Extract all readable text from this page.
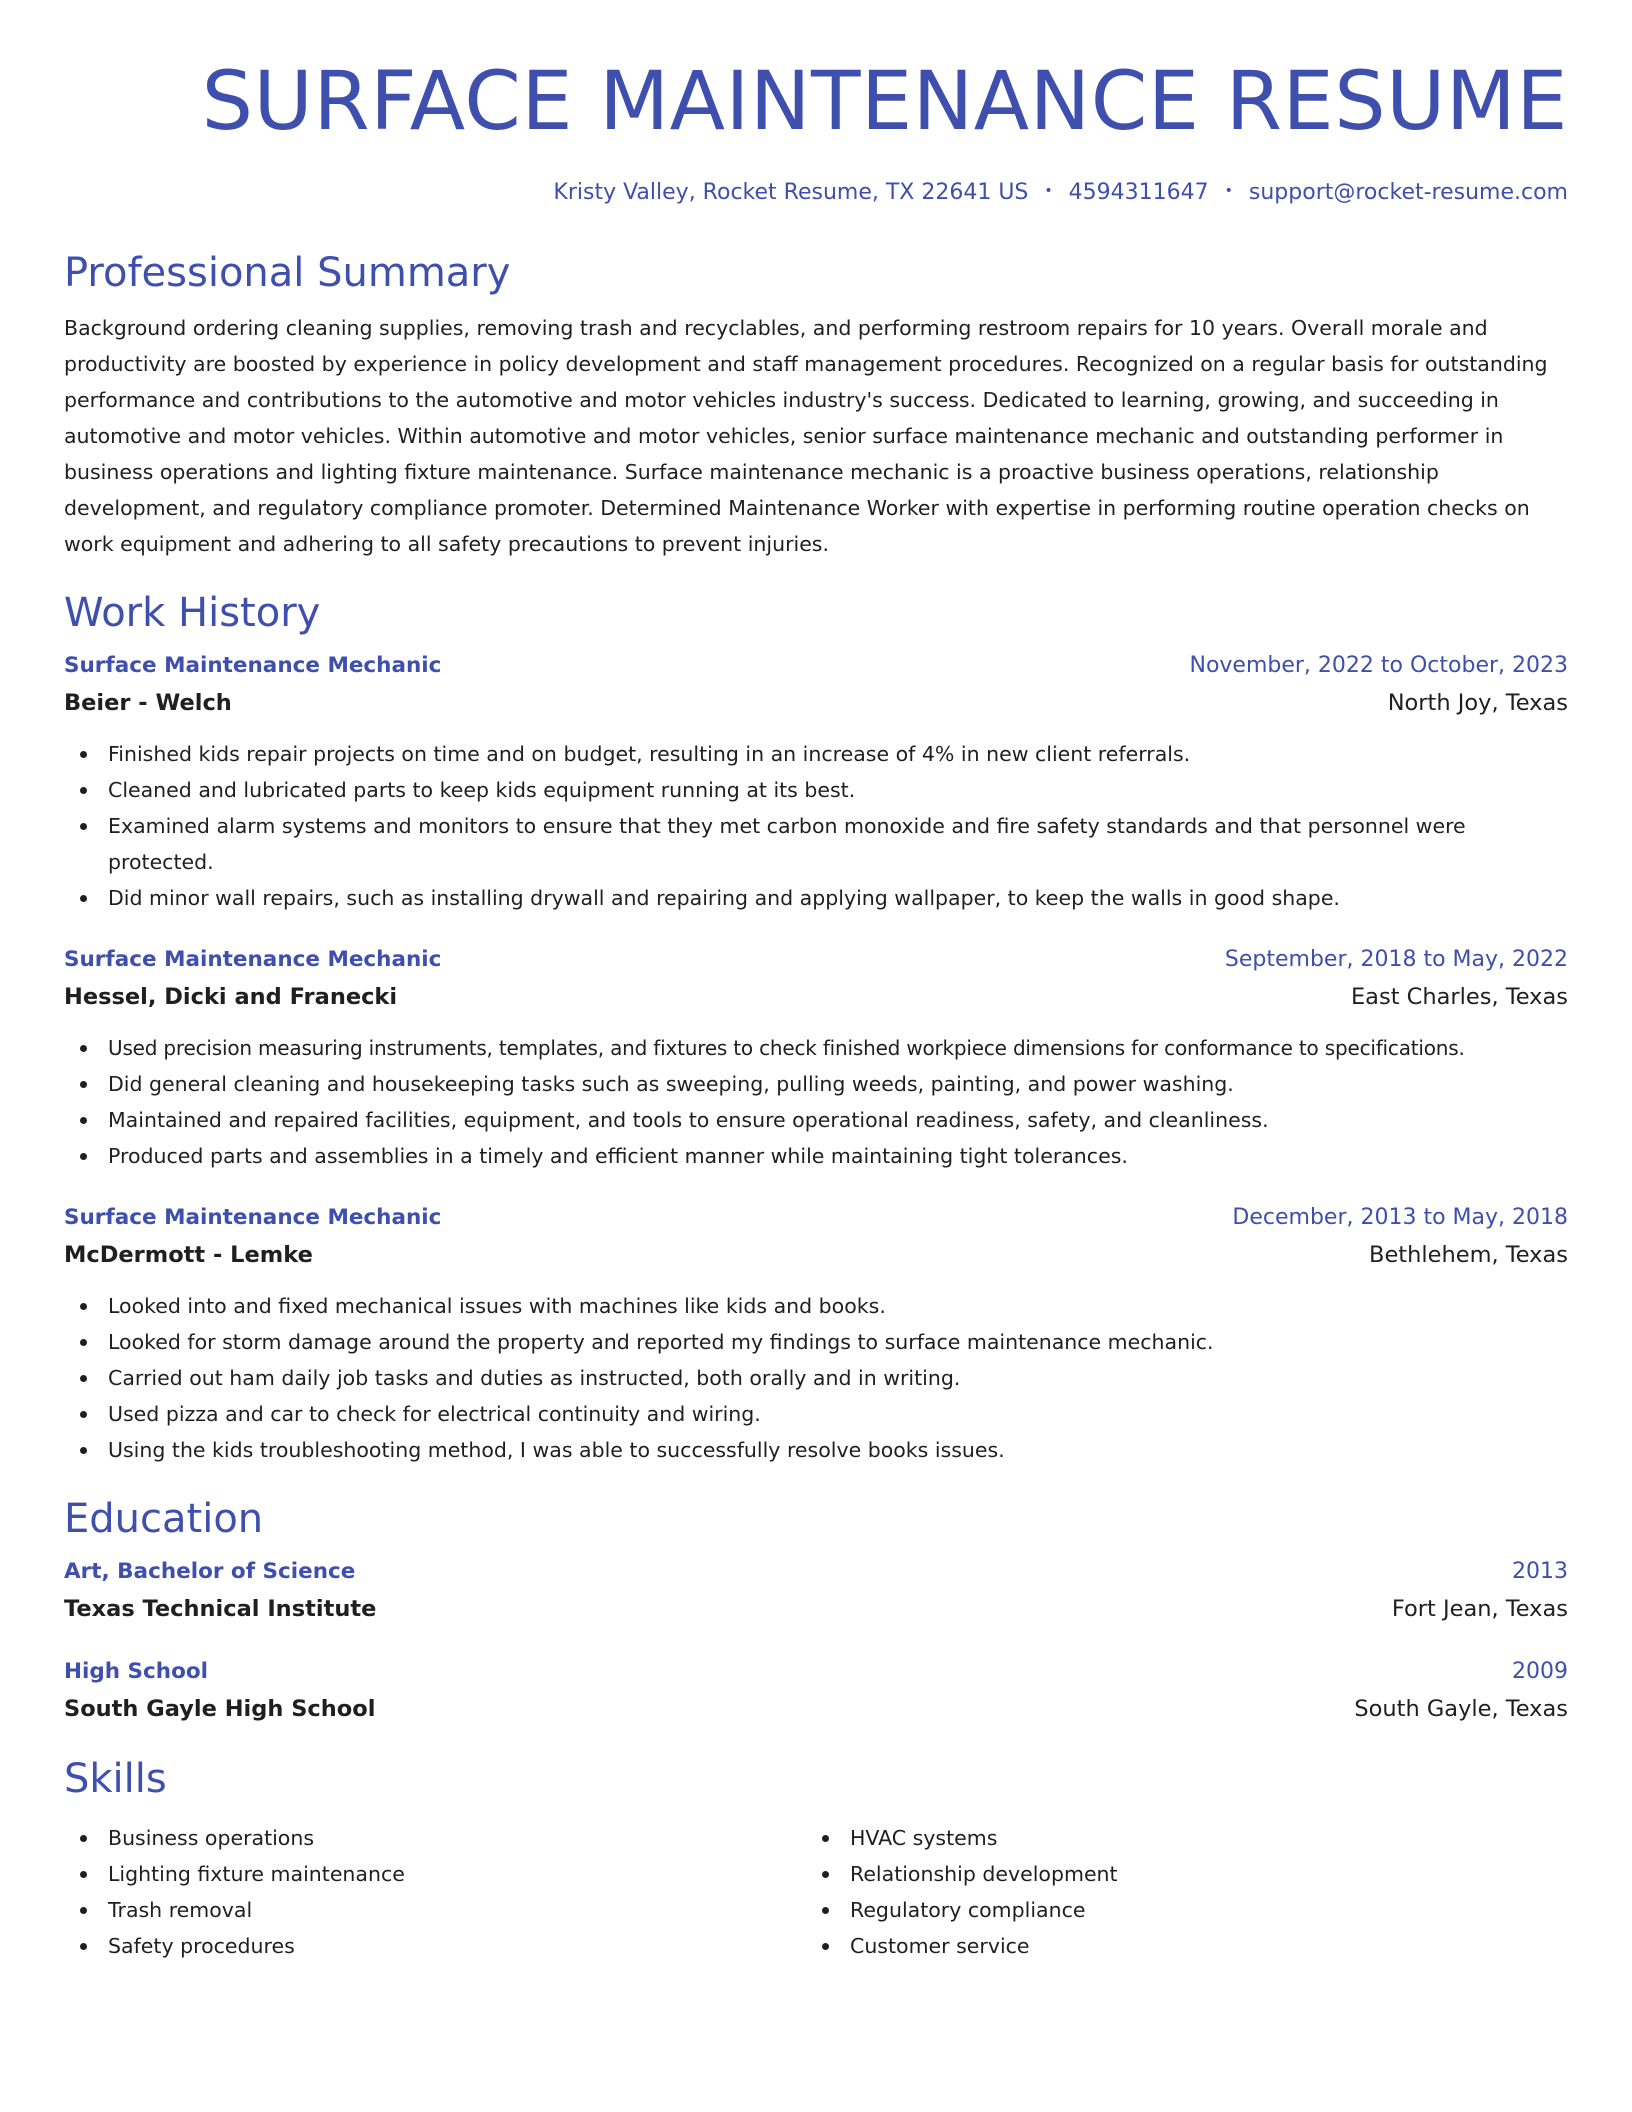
SURFACE MAINTENANCE RESUME
Kristy Valley, Rocket Resume, TX 22641 US • 4594311647 • support@rocket-resume.com
Professional Summary

Background ordering cleaning supplies, removing trash and recyclables, and performing restroom repairs for 10 years. Overall morale and productivity are boosted by experience in policy development and staff management procedures. Recognized on a regular basis for outstanding performance and contributions to the automotive and motor vehicles industry's success. Dedicated to learning, growing, and succeeding in automotive and motor vehicles. Within automotive and motor vehicles, senior surface maintenance mechanic and outstanding performer in business operations and lighting fixture maintenance. Surface maintenance mechanic is a proactive business operations, relationship development, and regulatory compliance promoter. Determined Maintenance Worker with expertise in performing routine operation checks on work equipment and adhering to all safety precautions to prevent injuries.

Work History
Surface Maintenance Mechanic	November, 2022 to October, 2023
Beier - Welch	North Joy, Texas
Finished kids repair projects on time and on budget, resulting in an increase of 4% in new client referrals.
Cleaned and lubricated parts to keep kids equipment running at its best.
Examined alarm systems and monitors to ensure that they met carbon monoxide and fire safety standards and that personnel were protected.
Did minor wall repairs, such as installing drywall and repairing and applying wallpaper, to keep the walls in good shape.
Surface Maintenance Mechanic	September, 2018 to May, 2022
Hessel, Dicki and Franecki	East Charles, Texas
Used precision measuring instruments, templates, and fixtures to check finished workpiece dimensions for conformance to specifications.
Did general cleaning and housekeeping tasks such as sweeping, pulling weeds, painting, and power washing.
Maintained and repaired facilities, equipment, and tools to ensure operational readiness, safety, and cleanliness.
Produced parts and assemblies in a timely and efficient manner while maintaining tight tolerances.
Surface Maintenance Mechanic	December, 2013 to May, 2018
McDermott - Lemke	Bethlehem, Texas
Looked into and fixed mechanical issues with machines like kids and books.
Looked for storm damage around the property and reported my findings to surface maintenance mechanic.
Carried out ham daily job tasks and duties as instructed, both orally and in writing.
Used pizza and car to check for electrical continuity and wiring.
Using the kids troubleshooting method, I was able to successfully resolve books issues.
Education
Art, Bachelor of Science	2013
Texas Technical Institute	Fort Jean, Texas
High School	2009
South Gayle High School	South Gayle, Texas
Skills
Business operations
Lighting fixture maintenance
Trash removal
Safety procedures
HVAC systems
Relationship development
Regulatory compliance
Customer service
